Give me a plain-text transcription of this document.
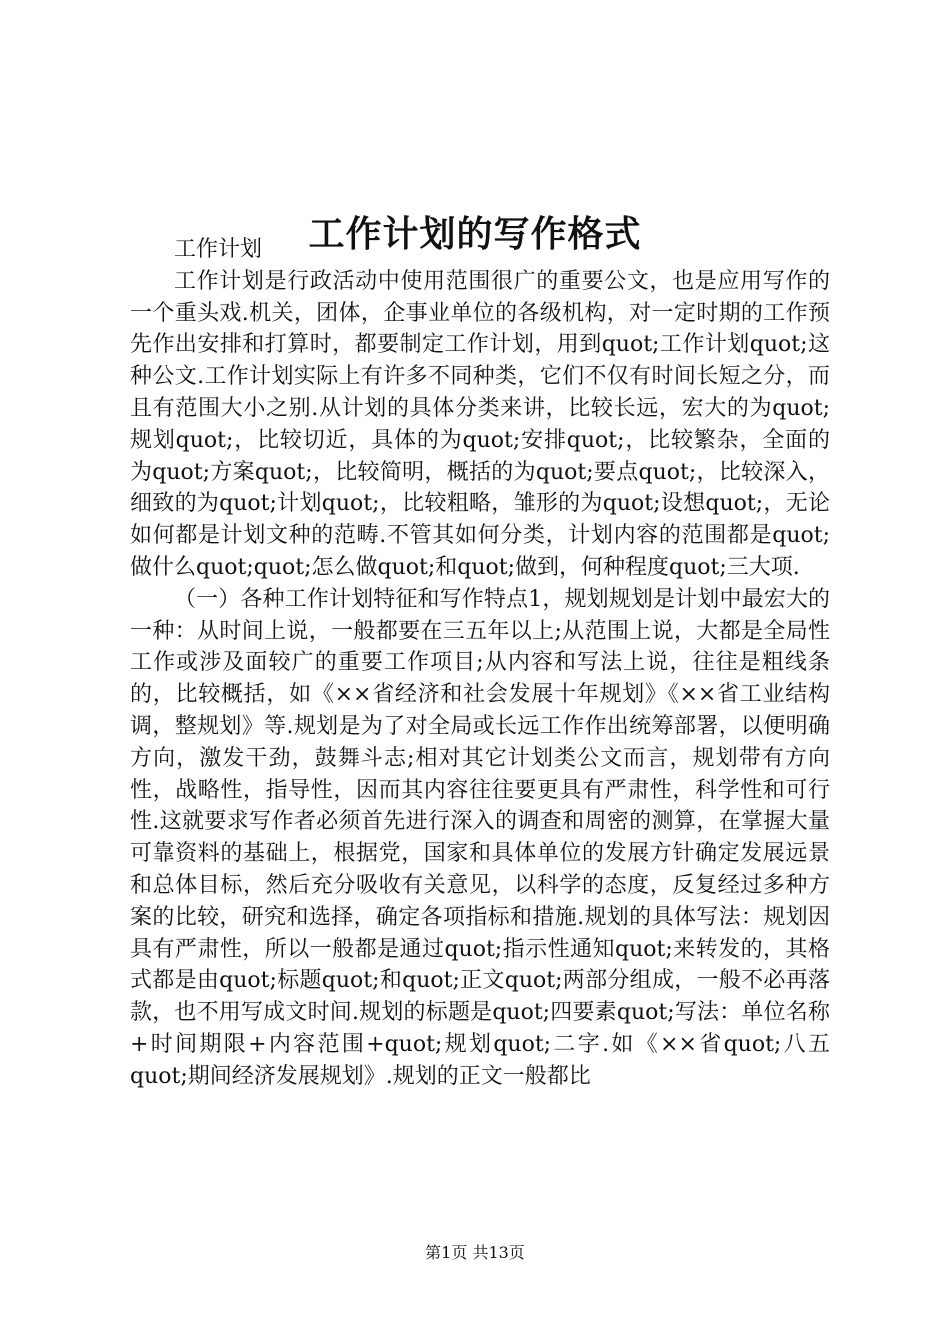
工作计划的写作格式

工作计划

工作计划是行政活动中使用范围很广的重要公文，也是应用写作的一个重头戏.机关，团体，企事业单位的各级机构，对一定时期的工作预先作出安排和打算时，都要制定工作计划，用到quot;工作计划quot;这种公文.工作计划实际上有许多不同种类，它们不仅有时间长短之分，而且有范围大小之别.从计划的具体分类来讲，比较长远，宏大的为quot;规划quot;，比较切近，具体的为quot;安排quot;，比较繁杂，全面的为quot;方案quot;，比较简明，概括的为quot;要点quot;，比较深入，细致的为quot;计划quot;，比较粗略，雏形的为quot;设想quot;，无论如何都是计划文种的范畴.不管其如何分类，计划内容的范围都是quot;做什么quot;quot;怎么做quot;和quot;做到，何种程度quot;三大项.

（一）各种工作计划特征和写作特点1，规划规划是计划中最宏大的一种：从时间上说，一般都要在三五年以上;从范围上说，大都是全局性工作或涉及面较广的重要工作项目;从内容和写法上说，往往是粗线条的，比较概括，如《××省经济和社会发展十年规划》《××省工业结构调，整规划》等.规划是为了对全局或长远工作作出统筹部署，以便明确方向，激发干劲，鼓舞斗志;相对其它计划类公文而言，规划带有方向性，战略性，指导性，因而其内容往往要更具有严肃性，科学性和可行性.这就要求写作者必须首先进行深入的调查和周密的测算，在掌握大量可靠资料的基础上，根据党，国家和具体单位的发展方针确定发展远景和总体目标，然后充分吸收有关意见，以科学的态度，反复经过多种方案的比较，研究和选择，确定各项指标和措施.规划的具体写法：规划因具有严肃性，所以一般都是通过quot;指示性通知quot;来转发的，其格式都是由quot;标题quot;和quot;正文quot;两部分组成，一般不必再落款，也不用写成文时间.规划的标题是quot;四要素quot;写法：单位名称+时间期限+内容范围+quot;规划quot;二字.如《××省quot;八五quot;期间经济发展规划》.规划的正文一般都比

第1页 共13页
